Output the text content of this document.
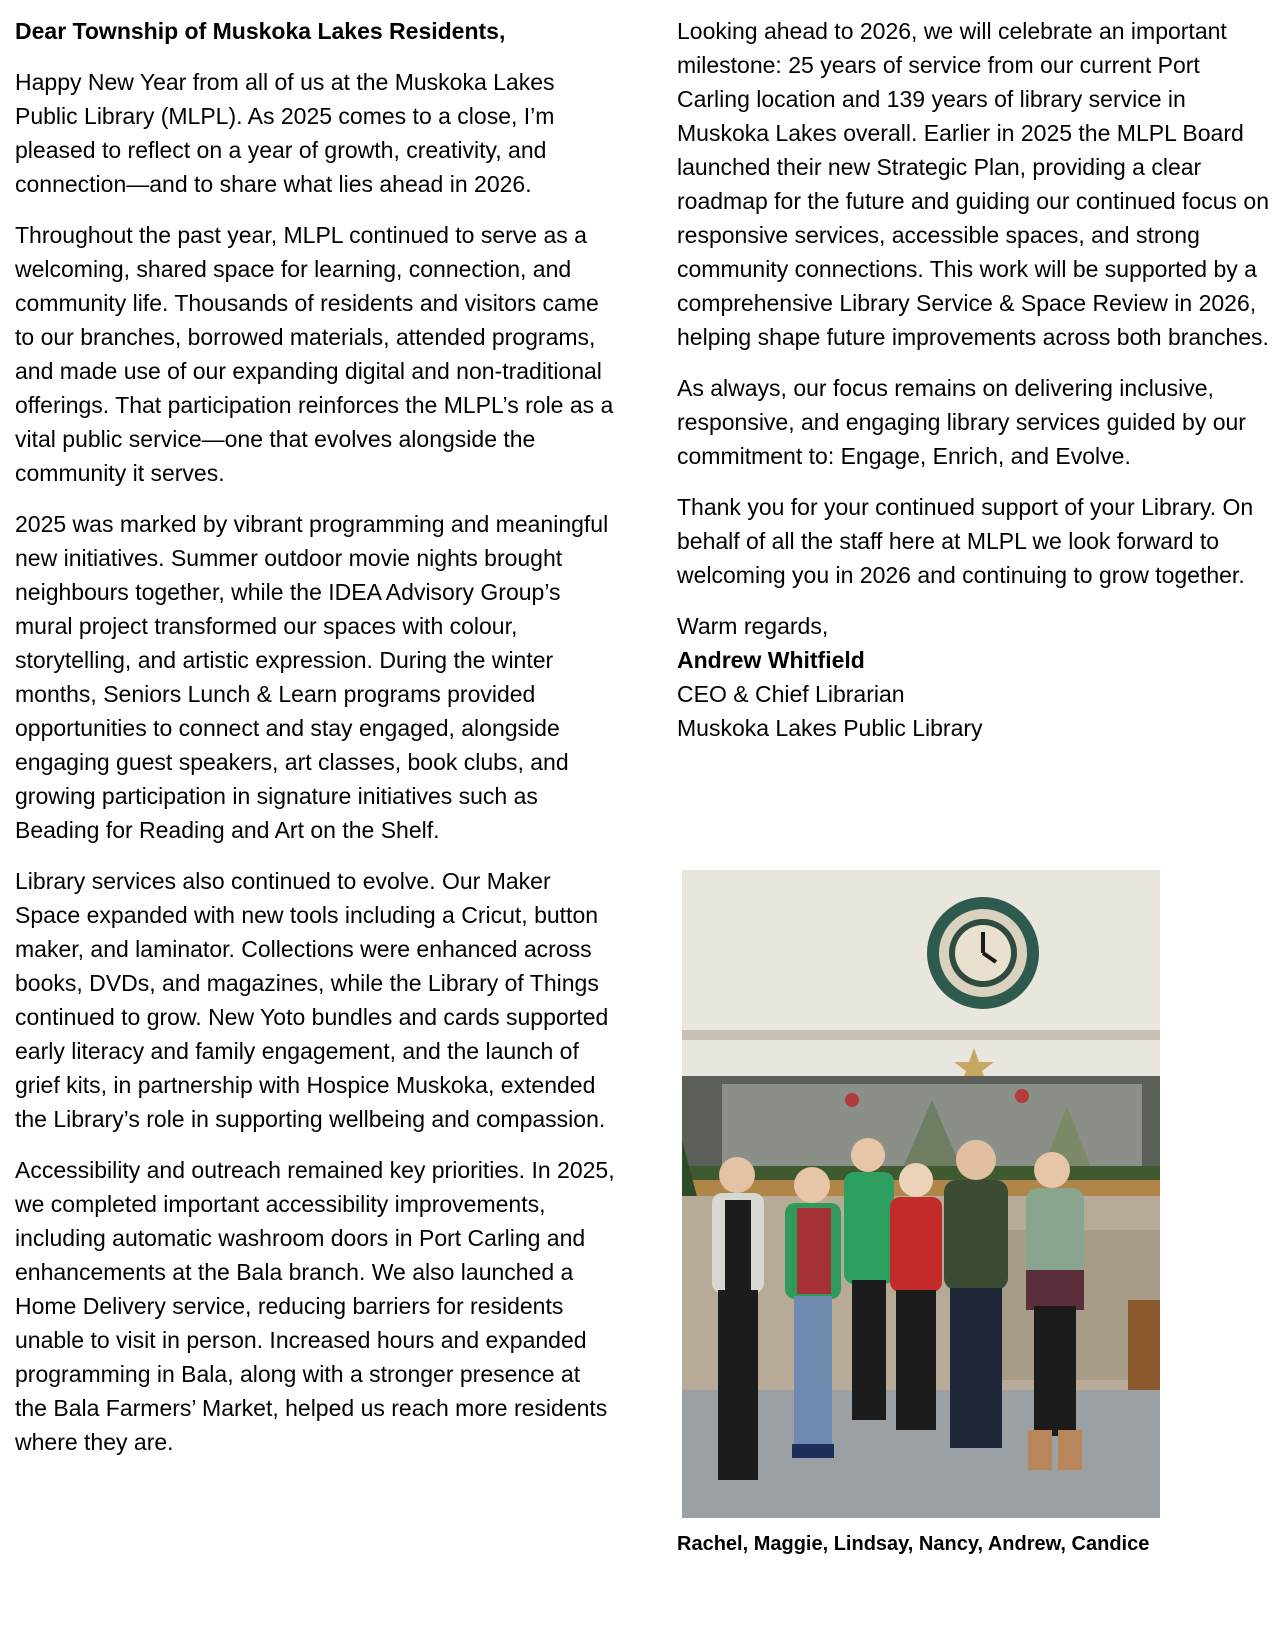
Dear Township of Muskoka Lakes Residents,

Happy New Year from all of us at the Muskoka Lakes Public Library (MLPL). As 2025 comes to a close, I’m pleased to reflect on a year of growth, creativity, and connection—and to share what lies ahead in 2026.

Throughout the past year, MLPL continued to serve as a welcoming, shared space for learning, connection, and community life. Thousands of residents and visitors came to our branches, borrowed materials, attended programs, and made use of our expanding digital and non-traditional offerings. That participation reinforces the MLPL’s role as a vital public service—one that evolves alongside the community it serves.

2025 was marked by vibrant programming and meaningful new initiatives. Summer outdoor movie nights brought neighbours together, while the IDEA Advisory Group’s mural project transformed our spaces with colour, storytelling, and artistic expression. During the winter months, Seniors Lunch & Learn programs provided opportunities to connect and stay engaged, alongside engaging guest speakers, art classes, book clubs, and growing participation in signature initiatives such as Beading for Reading and Art on the Shelf.

Library services also continued to evolve. Our Maker Space expanded with new tools including a Cricut, button maker, and laminator. Collections were enhanced across books, DVDs, and magazines, while the Library of Things continued to grow. New Yoto bundles and cards supported early literacy and family engagement, and the launch of grief kits, in partnership with Hospice Muskoka, extended the Library’s role in supporting wellbeing and compassion.

Accessibility and outreach remained key priorities. In 2025, we completed important accessibility improvements, including automatic washroom doors in Port Carling and enhancements at the Bala branch. We also launched a Home Delivery service, reducing barriers for residents unable to visit in person. Increased hours and expanded programming in Bala, along with a stronger presence at the Bala Farmers’ Market, helped us reach more residents where they are.

Looking ahead to 2026, we will celebrate an important milestone: 25 years of service from our current Port Carling location and 139 years of library service in Muskoka Lakes overall. Earlier in 2025 the MLPL Board launched their new Strategic Plan, providing a clear roadmap for the future and guiding our continued focus on responsive services, accessible spaces, and strong community connections. This work will be supported by a comprehensive Library Service & Space Review in 2026, helping shape future improvements across both branches.

As always, our focus remains on delivering inclusive, responsive, and engaging library services guided by our commitment to: Engage, Enrich, and Evolve.

Thank you for your continued support of your Library. On behalf of all the staff here at MLPL we look forward to welcoming you in 2026 and continuing to grow together.

Warm regards,
Andrew Whitfield
CEO & Chief Librarian
Muskoka Lakes Public Library
Rachel, Maggie, Lindsay, Nancy, Andrew, Candice
